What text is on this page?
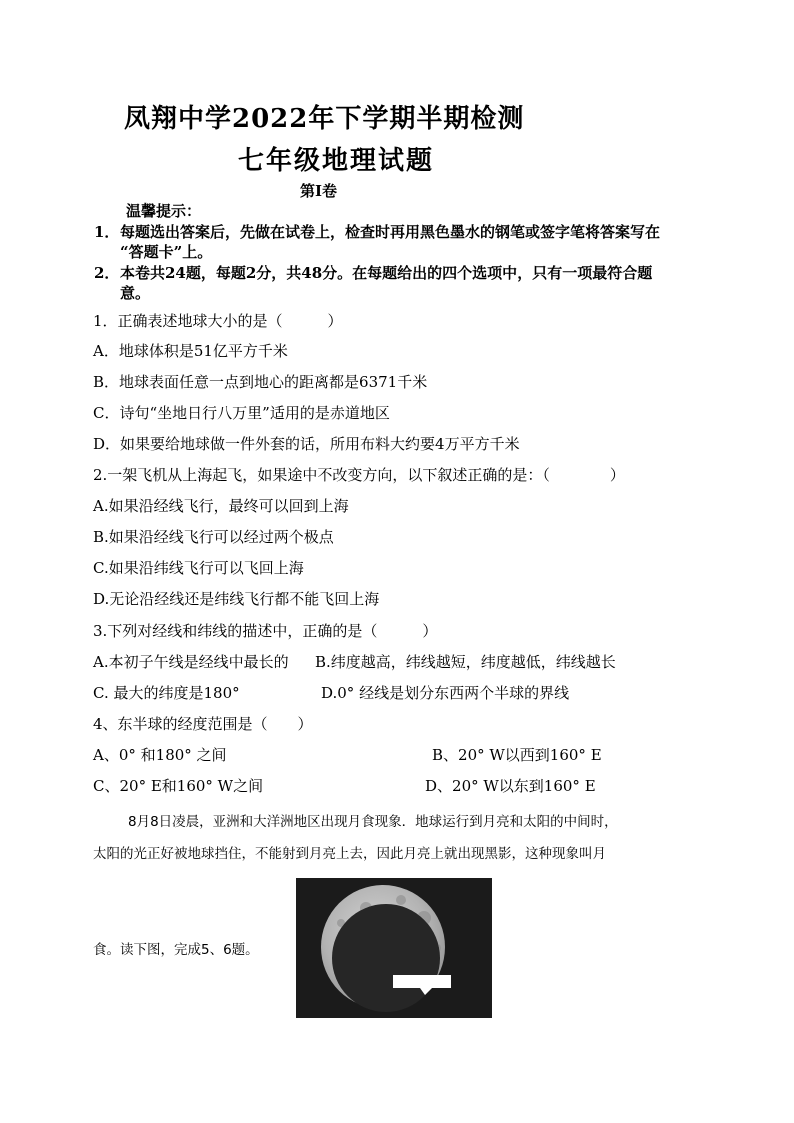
凤翔中学2022年下学期半期检测
七年级地理试题
第Ⅰ卷
温馨提示：
1． 每题选出答案后，先做在试卷上，检查时再用黑色墨水的钢笔或签字笔将答案写在
“答题卡”上。
2． 本卷共24题，每题2分，共48分。在每题给出的四个选项中，只有一项最符合题
意。
1．正确表述地球大小的是（　　　）
A．地球体积是51亿平方千米
B．地球表面任意一点到地心的距离都是6371千米
C．诗句“坐地日行八万里”适用的是赤道地区
D．如果要给地球做一件外套的话，所用布料大约要4万平方千米
2.一架飞机从上海起飞，如果途中不改变方向，以下叙述正确的是：（　　　　）
A.如果沿经线飞行，最终可以回到上海
B.如果沿经线飞行可以经过两个极点
C.如果沿纬线飞行可以飞回上海
D.无论沿经线还是纬线飞行都不能飞回上海
3.下列对经线和纬线的描述中，正确的是（　　　）
A.本初子午线是经线中最长的 B.纬度越高，纬线越短，纬度越低，纬线越长
C. 最大的纬度是180°	D.0° 经线是划分东西两个半球的界线
4、东半球的经度范围是（　　）
A、0° 和180° 之间	B、20° W以西到160° E
C、20° E和160° W之间	D、20° W以东到160° E
8月8日凌晨，亚洲和大洋洲地区出现月食现象．地球运行到月亮和太阳的中间时，
太阳的光正好被地球挡住，不能射到月亮上去，因此月亮上就出现黑影，这种现象叫月
食。读下图，完成5、6题。
